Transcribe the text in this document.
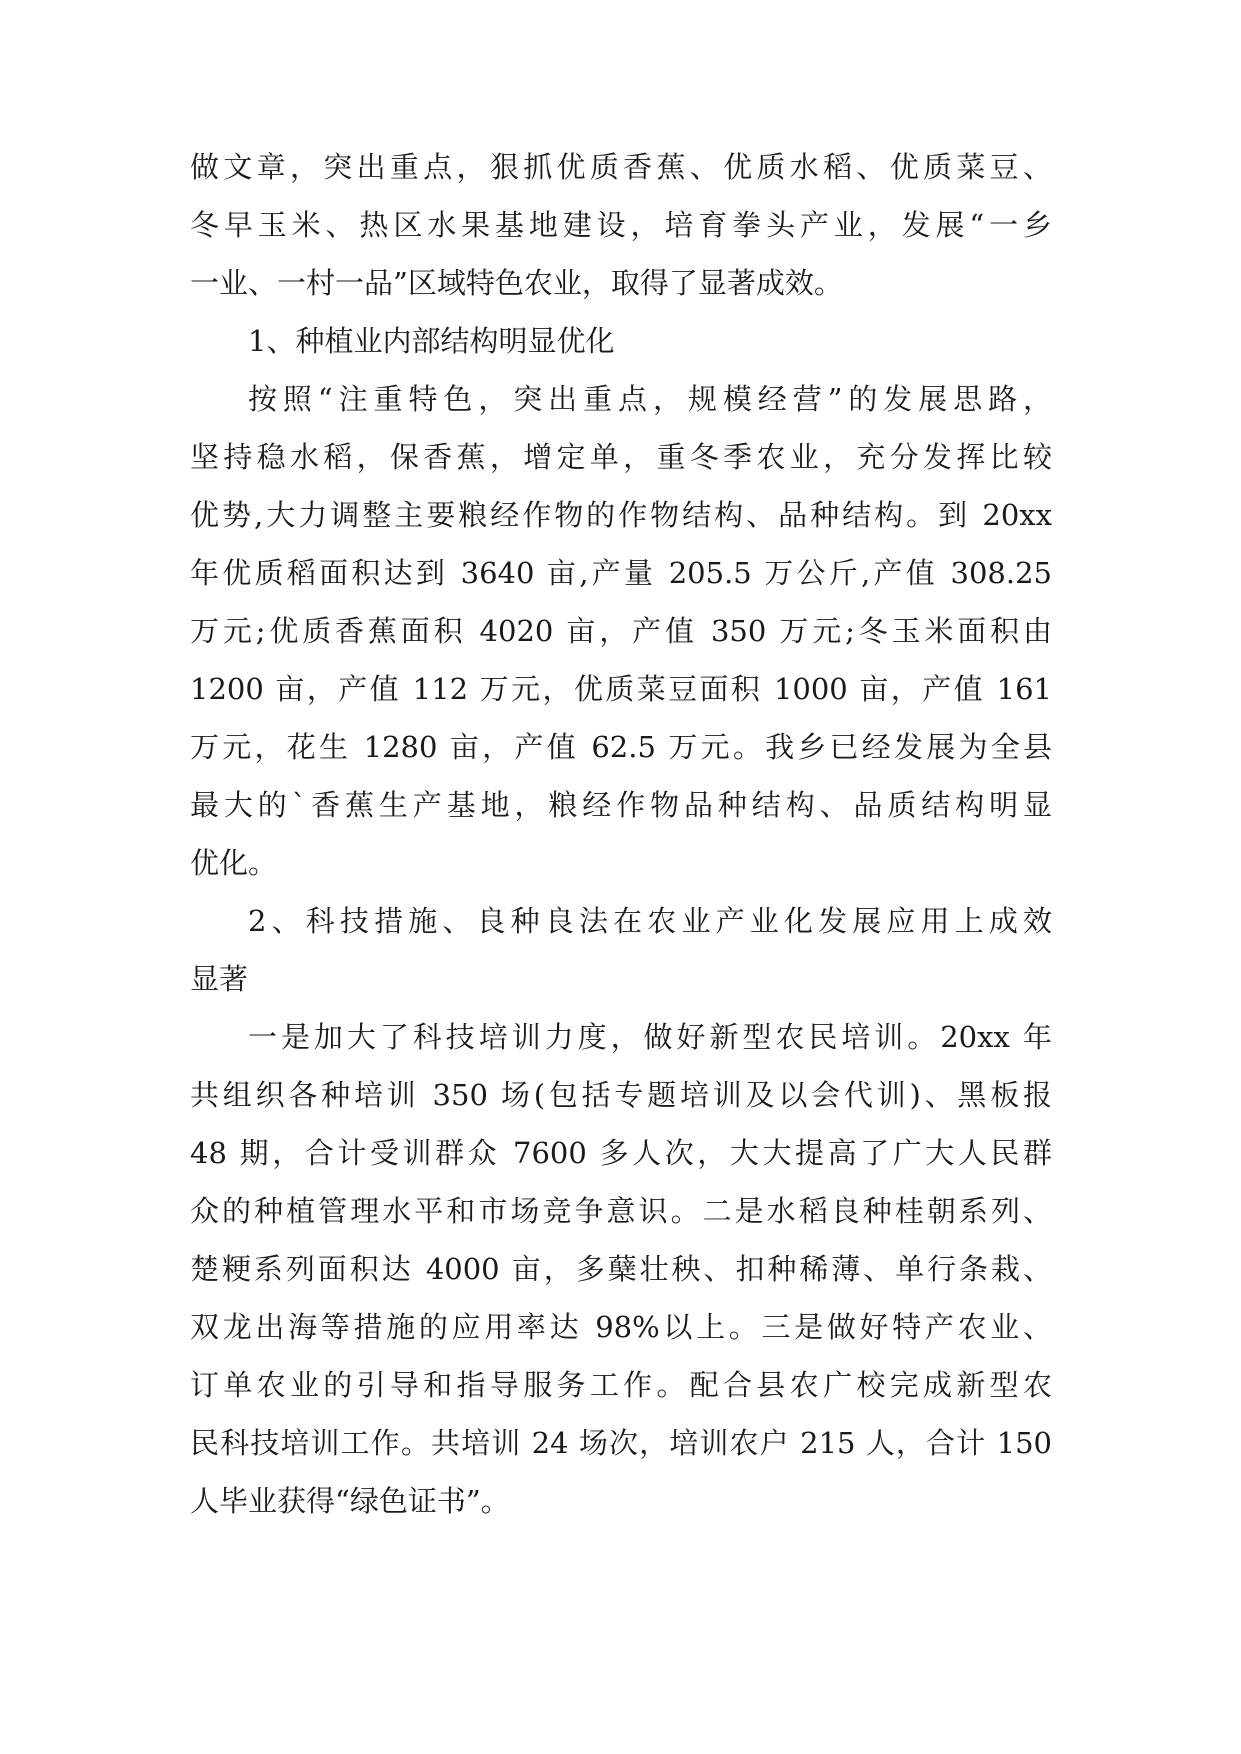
做文章，突出重点，狠抓优质香蕉、优质水稻、优质菜豆、
冬早玉米、热区水果基地建设，培育拳头产业，发展“一乡
一业、一村一品”区域特色农业，取得了显著成效。
1、种植业内部结构明显优化
按照“注重特色，突出重点，规模经营”的发展思路，
坚持稳水稻，保香蕉，增定单，重冬季农业，充分发挥比较
优势,大力调整主要粮经作物的作物结构、品种结构。到 20xx
年优质稻面积达到 3640 亩,产量 205.5 万公斤,产值 308.25
万元;优质香蕉面积 4020 亩，产值 350 万元;冬玉米面积由
1200 亩，产值 112 万元，优质菜豆面积 1000 亩，产值 161
万元，花生 1280 亩，产值 62.5 万元。我乡已经发展为全县
最大的`香蕉生产基地，粮经作物品种结构、品质结构明显
优化。
2、科技措施、良种良法在农业产业化发展应用上成效
显著
一是加大了科技培训力度，做好新型农民培训。20xx 年
共组织各种培训 350 场(包括专题培训及以会代训)、黑板报
48 期，合计受训群众 7600 多人次，大大提高了广大人民群
众的种植管理水平和市场竞争意识。二是水稻良种桂朝系列、
楚粳系列面积达 4000 亩，多蘖壮秧、扣种稀薄、单行条栽、
双龙出海等措施的应用率达 98%以上。三是做好特产农业、
订单农业的引导和指导服务工作。配合县农广校完成新型农
民科技培训工作。共培训 24 场次，培训农户 215 人，合计 150
人毕业获得“绿色证书”。
